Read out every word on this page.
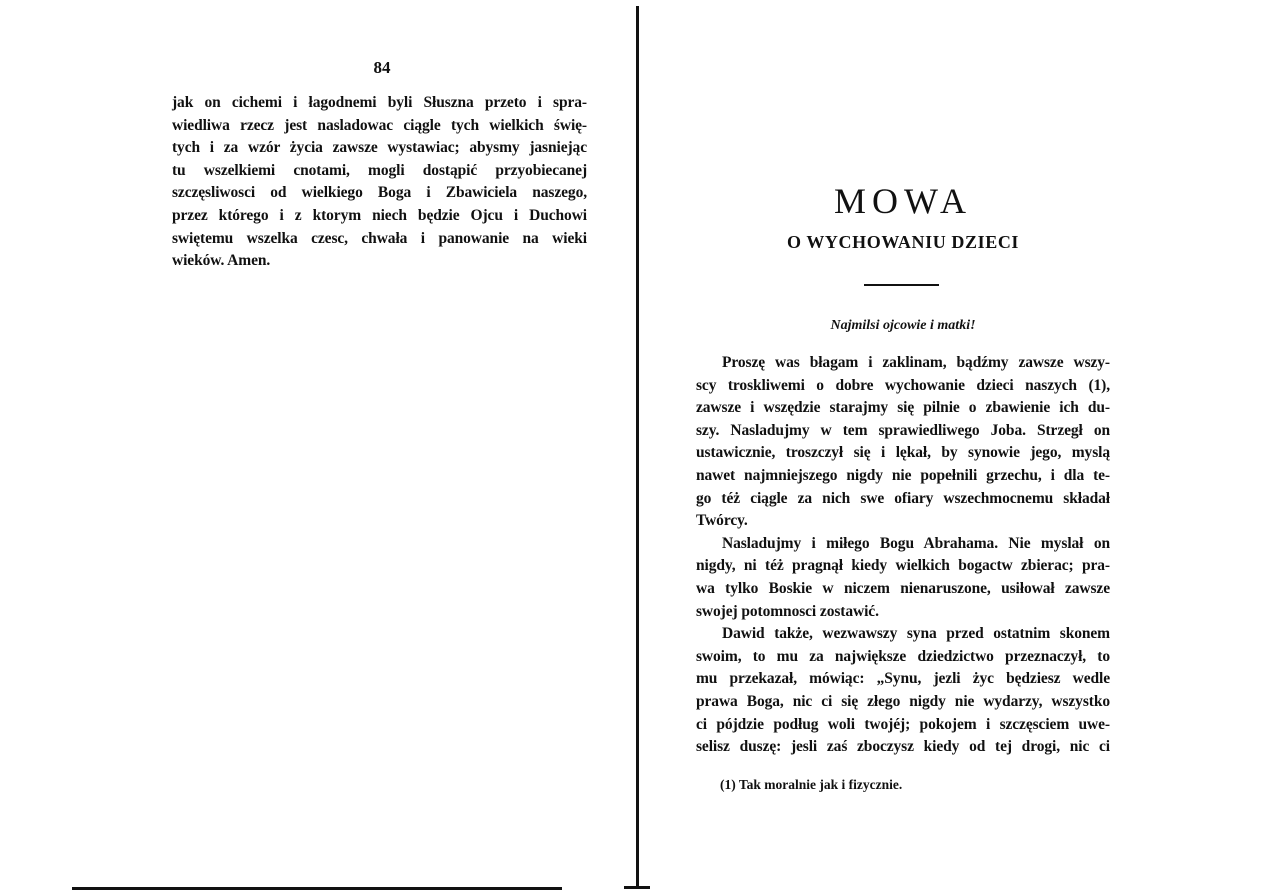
84
jak on cichemi i łagodnemi byli Słuszna przeto i spra-
wiedliwa rzecz jest nasladowac ciągle tych wielkich świę-
tych i za wzór życia zawsze wystawiac; abysmy jasniejąc
tu wszelkiemi cnotami, mogli dostąpić przyobiecanej
szczęsliwosci od wielkiego Boga i Zbawiciela naszego,
przez którego i z ktorym niech będzie Ojcu i Duchowi
swiętemu wszelka czesc, chwała i panowanie na wieki
wieków. Amen.
MOWA
O WYCHOWANIU DZIECI
Najmilsi ojcowie i matki!
Proszę was błagam i zaklinam, bądźmy zawsze wszy-
scy troskliwemi o dobre wychowanie dzieci naszych (1),
zawsze i wszędzie starajmy się pilnie o zbawienie ich du-
szy. Nasladujmy w tem sprawiedliwego Joba. Strzegł on
ustawicznie, troszczył się i lękał, by synowie jego, myslą
nawet najmniejszego nigdy nie popełnili grzechu, i dla te-
go téż ciągle za nich swe ofiary wszechmocnemu składał
Twórcy.
Nasladujmy i miłego Bogu Abrahama. Nie myslał on
nigdy, ni téż pragnął kiedy wielkich bogactw zbierac; pra-
wa tylko Boskie w niczem nienaruszone, usiłował zawsze
swojej potomnosci zostawić.
Dawid także, wezwawszy syna przed ostatnim skonem
swoim, to mu za największe dziedzictwo przeznaczył, to
mu przekazał, mówiąc: „Synu, jezli życ będziesz wedle
prawa Boga, nic ci się złego nigdy nie wydarzy, wszystko
ci pójdzie podług woli twojéj; pokojem i szczęsciem uwe-
selisz duszę: jesli zaś zboczysz kiedy od tej drogi, nic ci
(1) Tak moralnie jak i fizycznie.
